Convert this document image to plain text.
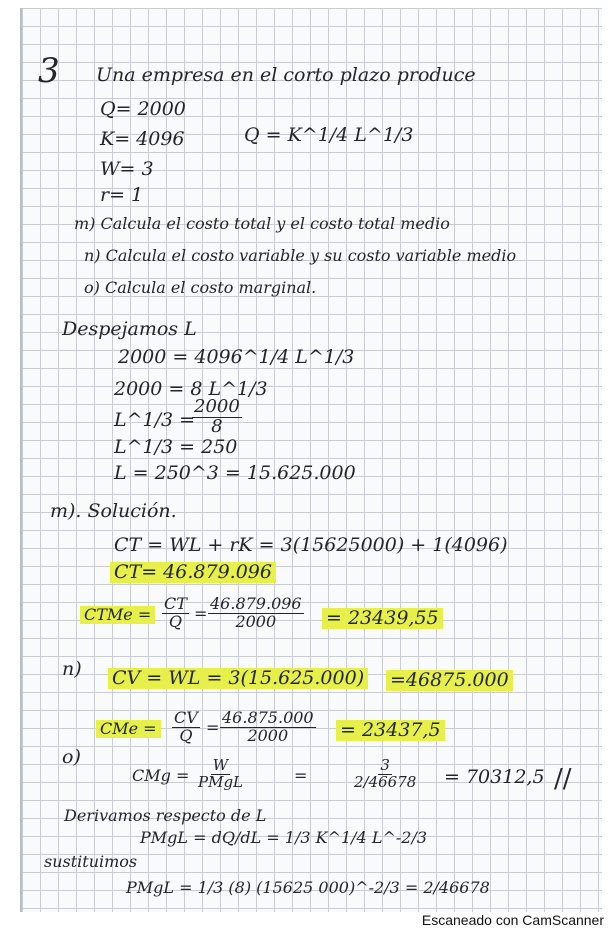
3 Una empresa en el corto plazo produce
Q= 2000
K= 4096
W= 3
r= 1
Q = K^1/4 L^1/3
m) Calcula el costo total y el costo total medio
n) Calcula el costo variable y su costo variable medio
o) Calcula el costo marginal.
Despejamos L
2000 = 4096^1/4 L^1/3
2000 = 8 L^1/3
L^1/3 =
$\frac{2000}{8}$
L^1/3 = 250
L = 250^3 = 15.625.000
m). Solución.
CT = WL + rK = 3(15625000) + 1(4096)
CT= 46.879.096
CTMe = $\frac{CT}{Q} = \frac{46.879.096}{2000} = 23439,55$
n) CV = WL = 3(15.625.000) =46875.000
CMe = $\frac{CV}{Q} = \frac{46.875.000}{2000} = 23437,5$
o)
CMg =
W
PMgL	=	$\frac{3}{2/46678} = 70312,5$ //
Derivamos respecto de L
PMgL = dQ/dL = 1/3 K^1/4 L^-2/3
sustituimos
PMgL = 1/3 (8) (15625 000)^-2/3 = 2/46678
Escaneado con CamScanner
